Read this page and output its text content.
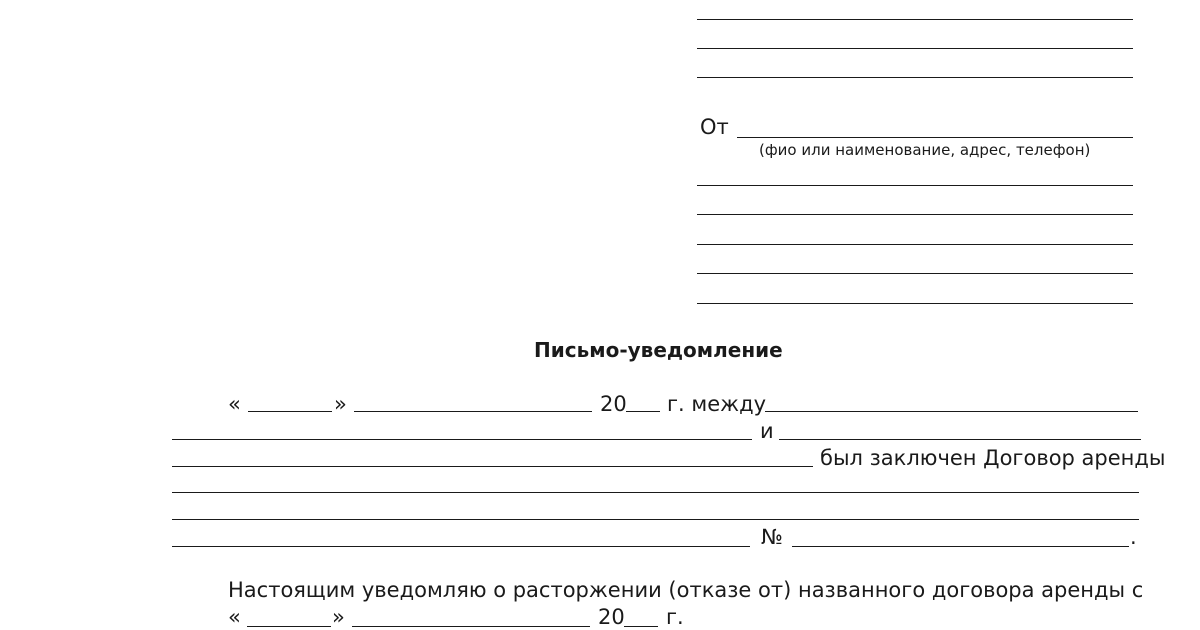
От
(фио или наименование, адрес, телефон)
Письмо-уведомление
«	»	20 г. между
и
был заключен Договор аренды
№	.
Настоящим уведомляю о расторжении (отказе от) названного договора аренды с
«	»	20 г.
